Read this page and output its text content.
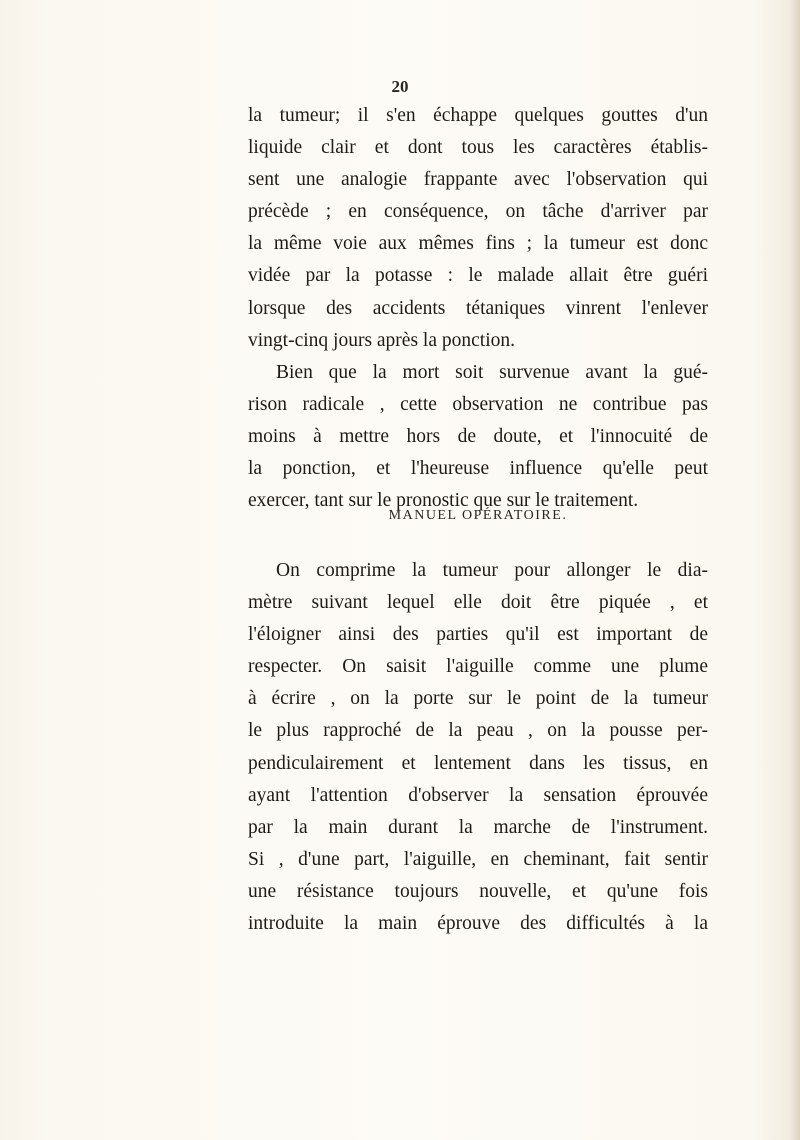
20

la tumeur; il s'en échappe quelques gouttes d'un
liquide clair et dont tous les caractères établis-
sent une analogie frappante avec l'observation qui
précède ; en conséquence, on tâche d'arriver par
la même voie aux mêmes fins ; la tumeur est donc
vidée par la potasse : le malade allait être guéri
lorsque des accidents tétaniques vinrent l'enlever
vingt-cinq jours après la ponction.
Bien que la mort soit survenue avant la gué-
rison radicale , cette observation ne contribue pas
moins à mettre hors de doute, et l'innocuité de
la ponction, et l'heureuse influence qu'elle peut
exercer, tant sur le pronostic que sur le traitement.

MANUEL OPÉRATOIRE.

On comprime la tumeur pour allonger le dia-
mètre suivant lequel elle doit être piquée , et
l'éloigner ainsi des parties qu'il est important de
respecter. On saisit l'aiguille comme une plume
à écrire , on la porte sur le point de la tumeur
le plus rapproché de la peau , on la pousse per-
pendiculairement et lentement dans les tissus, en
ayant l'attention d'observer la sensation éprouvée
par la main durant la marche de l'instrument.
Si , d'une part, l'aiguille, en cheminant, fait sentir
une résistance toujours nouvelle, et qu'une fois
introduite la main éprouve des difficultés à la
